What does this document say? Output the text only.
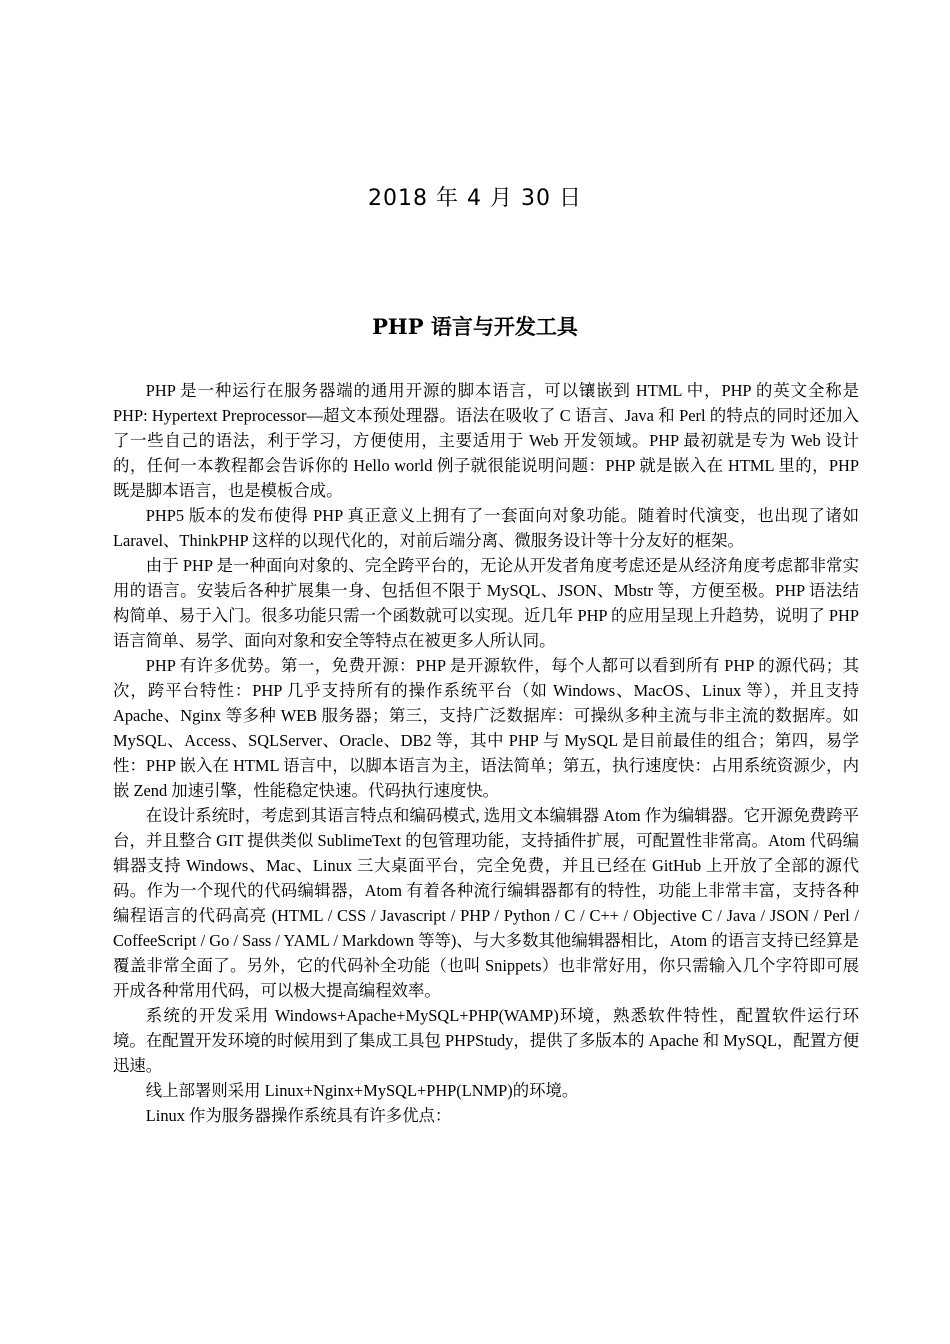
2018 年 4 月 30 日
PHP 语言与开发工具

PHP 是一种运行在服务器端的通用开源的脚本语言，可以镶嵌到 HTML 中，PHP 的英文全称是 PHP: Hypertext Preprocessor—超文本预处理器。语法在吸收了 C 语言、Java 和 Perl 的特点的同时还加入了一些自己的语法，利于学习，方便使用，主要适用于 Web 开发领域。PHP 最初就是专为 Web 设计的，任何一本教程都会告诉你的 Hello world 例子就很能说明问题：PHP 就是嵌入在 HTML 里的，PHP 既是脚本语言，也是模板合成。

PHP5 版本的发布使得 PHP 真正意义上拥有了一套面向对象功能。随着时代演变，也出现了诸如 Laravel、ThinkPHP 这样的以现代化的，对前后端分离、微服务设计等十分友好的框架。

由于 PHP 是一种面向对象的、完全跨平台的，无论从开发者角度考虑还是从经济角度考虑都非常实用的语言。安装后各种扩展集一身、包括但不限于 MySQL、JSON、Mbstr 等，方便至极。PHP 语法结构简单、易于入门。很多功能只需一个函数就可以实现。近几年 PHP 的应用呈现上升趋势，说明了 PHP 语言简单、易学、面向对象和安全等特点在被更多人所认同。

PHP 有许多优势。第一，免费开源：PHP 是开源软件，每个人都可以看到所有 PHP 的源代码；其次，跨平台特性：PHP 几乎支持所有的操作系统平台（如 Windows、MacOS、Linux 等），并且支持 Apache、Nginx 等多种 WEB 服务器；第三，支持广泛数据库：可操纵多种主流与非主流的数据库。如 MySQL、Access、SQLServer、Oracle、DB2 等，其中 PHP 与 MySQL 是目前最佳的组合；第四，易学性：PHP 嵌入在 HTML 语言中，以脚本语言为主，语法简单；第五，执行速度快：占用系统资源少，内嵌 Zend 加速引擎，性能稳定快速。代码执行速度快。

在设计系统时，考虑到其语言特点和编码模式, 选用文本编辑器 Atom 作为编辑器。它开源免费跨平台，并且整合 GIT 提供类似 SublimeText 的包管理功能，支持插件扩展，可配置性非常高。Atom 代码编辑器支持 Windows、Mac、Linux 三大桌面平台，完全免费，并且已经在 GitHub 上开放了全部的源代码。作为一个现代的代码编辑器，Atom 有着各种流行编辑器都有的特性，功能上非常丰富，支持各种编程语言的代码高亮 (HTML / CSS / Javascript / PHP / Python / C / C++ / Objective C / Java / JSON / Perl / CoffeeScript / Go / Sass / YAML / Markdown 等等)、与大多数其他编辑器相比，Atom 的语言支持已经算是覆盖非常全面了。另外，它的代码补全功能（也叫 Snippets）也非常好用，你只需输入几个字符即可展开成各种常用代码，可以极大提高编程效率。

系统的开发采用 Windows+Apache+MySQL+PHP(WAMP)环境，熟悉软件特性，配置软件运行环境。在配置开发环境的时候用到了集成工具包 PHPStudy，提供了多版本的 Apache 和 MySQL，配置方便迅速。

线上部署则采用 Linux+Nginx+MySQL+PHP(LNMP)的环境。

Linux 作为服务器操作系统具有许多优点：
